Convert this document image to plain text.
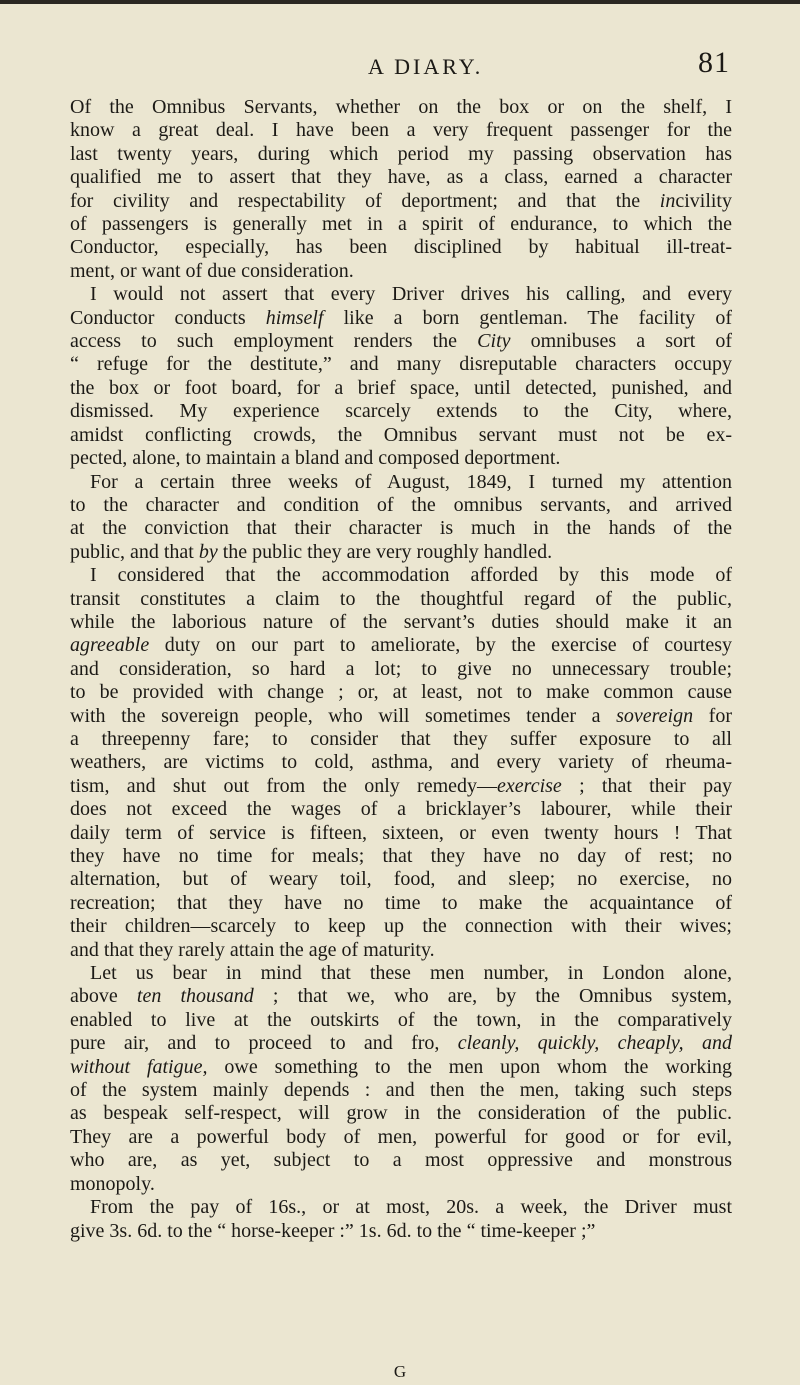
A DIARY.	81

Of the Omnibus Servants, whether on the box or on the shelf, I
know a great deal. I have been a very frequent passenger for the
last twenty years, during which period my passing observation has
qualified me to assert that they have, as a class, earned a character
for civility and respectability of deportment; and that the incivility
of passengers is generally met in a spirit of endurance, to which the
Conductor, especially, has been disciplined by habitual ill-treat-
ment, or want of due consideration.

I would not assert that every Driver drives his calling, and every
Conductor conducts himself like a born gentleman. The facility of
access to such employment renders the City omnibuses a sort of
“ refuge for the destitute,” and many disreputable characters occupy
the box or foot board, for a brief space, until detected, punished, and
dismissed. My experience scarcely extends to the City, where,
amidst conflicting crowds, the Omnibus servant must not be ex-
pected, alone, to maintain a bland and composed deportment.

For a certain three weeks of August, 1849, I turned my attention
to the character and condition of the omnibus servants, and arrived
at the conviction that their character is much in the hands of the
public, and that by the public they are very roughly handled.

I considered that the accommodation afforded by this mode of
transit constitutes a claim to the thoughtful regard of the public,
while the laborious nature of the servant’s duties should make it an
agreeable duty on our part to ameliorate, by the exercise of courtesy
and consideration, so hard a lot; to give no unnecessary trouble;
to be provided with change ; or, at least, not to make common cause
with the sovereign people, who will sometimes tender a sovereign for
a threepenny fare; to consider that they suffer exposure to all
weathers, are victims to cold, asthma, and every variety of rheuma-
tism, and shut out from the only remedy—exercise ; that their pay
does not exceed the wages of a bricklayer’s labourer, while their
daily term of service is fifteen, sixteen, or even twenty hours ! That
they have no time for meals; that they have no day of rest; no
alternation, but of weary toil, food, and sleep; no exercise, no
recreation; that they have no time to make the acquaintance of
their children—scarcely to keep up the connection with their wives;
and that they rarely attain the age of maturity.

Let us bear in mind that these men number, in London alone,
above ten thousand ; that we, who are, by the Omnibus system,
enabled to live at the outskirts of the town, in the comparatively
pure air, and to proceed to and fro, cleanly, quickly, cheaply, and
without fatigue, owe something to the men upon whom the working
of the system mainly depends : and then the men, taking such steps
as bespeak self-respect, will grow in the consideration of the public.
They are a powerful body of men, powerful for good or for evil,
who are, as yet, subject to a most oppressive and monstrous
monopoly.

From the pay of 16s., or at most, 20s. a week, the Driver must
give 3s. 6d. to the “ horse-keeper :” 1s. 6d. to the “ time-keeper ;”

G
